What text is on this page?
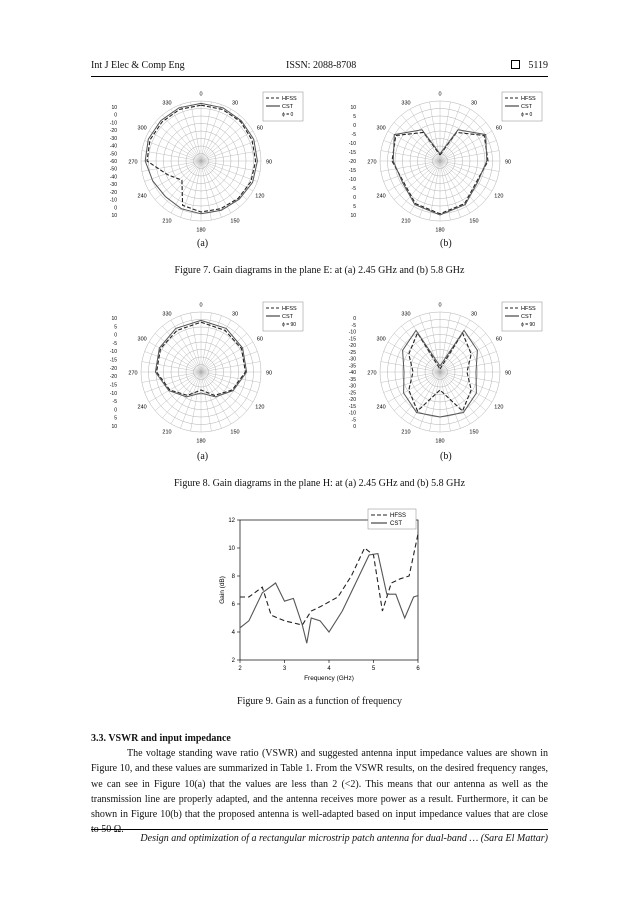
Int J Elec & Comp Eng	ISSN: 2088-8708	5119
0
30
60
90
120
150
180
210
240
270
300
330
10
0
-10
-20
-30
-40
-50
-60
-50
-40
-30
-20
-10
0
10
HFSS
CST
ϕ = 0
0
30
60
90
120
150
180
210
240
270
300
330
10
5
0
-5
-10
-15
-20
-15
-10
-5
0
5
10
HFSS
CST
ϕ = 0
(a)	(b)
Figure 7. Gain diagrams in the plane E: at (a) 2.45 GHz and (b) 5.8 GHz
0
30
60
90
120
150
180
210
240
270
300
330
10
5
0
-5
-10
-15
-20
-20
-15
-10
-5
0
5
10
HFSS
CST
ϕ = 90
0
30
60
90
120
150
180
210
240
270
300
330
0
-5
-10
-15
-20
-25
-30
-35
-40
-35
-30
-25
-20
-15
-10
-5
0
HFSS
CST
ϕ = 90
(a)	(b)
Figure 8. Gain diagrams in the plane H: at (a) 2.45 GHz and (b) 5.8 GHz
2	3	4	5	6
2
4
6
8
10
12
Frequency (GHz)
Gain (dB)
HFSS
CST
Figure 9. Gain as a function of frequency
3.3. VSWR and input impedance

The voltage standing wave ratio (VSWR) and suggested antenna input impedance values are shown in Figure 10, and these values are summarized in Table 1. From the VSWR results, on the desired frequency ranges, we can see in Figure 10(a) that the values are less than 2 (<2). This means that our antenna as well as the transmission line are properly adapted, and the antenna receives more power as a result. Furthermore, it can be shown in Figure 10(b) that the proposed antenna is well-adapted based on input impedance values that are close

Design and optimization of a rectangular microstrip patch antenna for dual-band … (Sara El Mattar)
